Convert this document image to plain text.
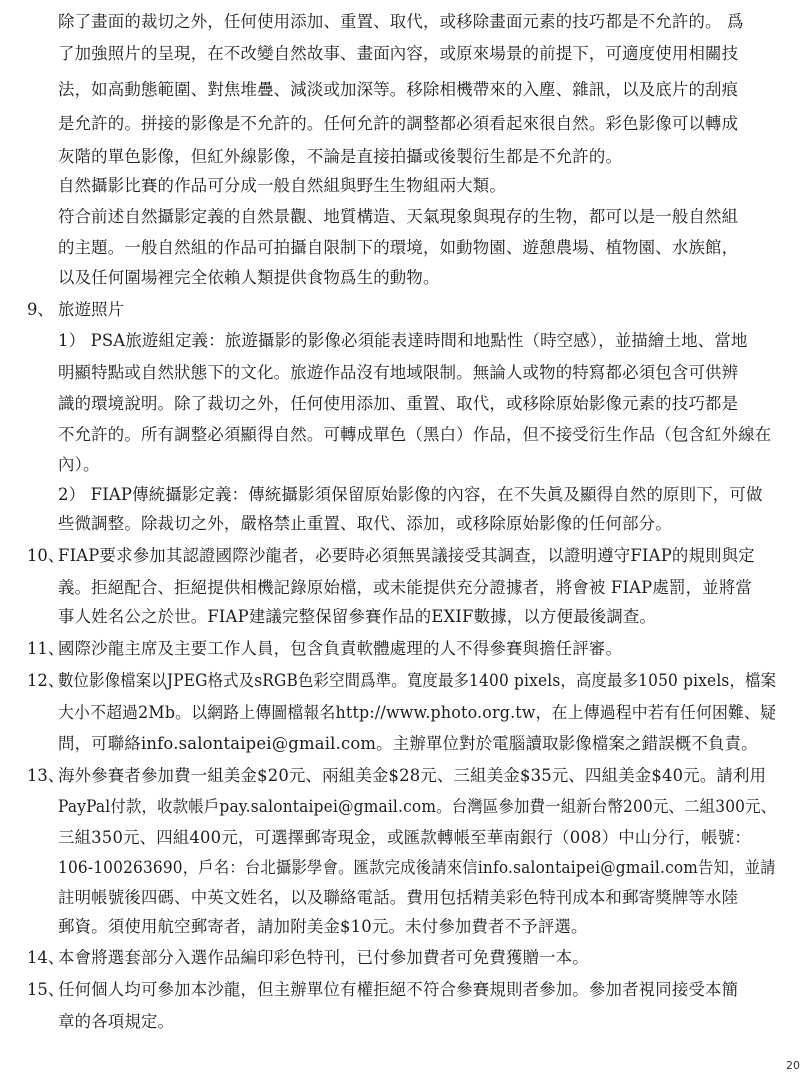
除了畫面的裁切之外，任何使用添加、重置、取代，或移除畫面元素的技巧都是不允許的。 爲
了加強照片的呈現，在不改變自然故事、畫面內容，或原來場景的前提下，可適度使用相關技
法，如高動態範圍、對焦堆疊、減淡或加深等。移除相機帶來的入塵、雜訊，以及底片的刮痕
是允許的。拼接的影像是不允許的。任何允許的調整都必須看起來很自然。彩色影像可以轉成
灰階的單色影像，但紅外線影像，不論是直接拍攝或後製衍生都是不允許的。
自然攝影比賽的作品可分成一般自然組與野生生物組兩大類。
符合前述自然攝影定義的自然景觀、地質構造、天氣現象與現存的生物，都可以是一般自然組
的主題。一般自然組的作品可拍攝自限制下的環境，如動物園、遊憩農場、植物園、水族館，
以及任何圍場裡完全依賴人類提供食物爲生的動物。
9、 旅遊照片
1） PSA旅遊組定義：旅遊攝影的影像必須能表達時間和地點性（時空感），並描繪土地、當地
明顯特點或自然狀態下的文化。旅遊作品沒有地域限制。無論人或物的特寫都必須包含可供辨
識的環境說明。除了裁切之外，任何使用添加、重置、取代，或移除原始影像元素的技巧都是
不允許的。所有調整必須顯得自然。可轉成單色（黑白）作品，但不接受衍生作品（包含紅外線在
內）。
2） FIAP傳統攝影定義：傳統攝影須保留原始影像的內容，在不失眞及顯得自然的原則下，可做
些微調整。除裁切之外，嚴格禁止重置、取代、添加，或移除原始影像的任何部分。
10、
FIAP要求參加其認證國際沙龍者，必要時必須無異議接受其調查，以證明遵守FIAP的規則與定
義。拒絕配合、拒絕提供相機記錄原始檔，或未能提供充分證據者，將會被 FIAP處罰，並將當
事人姓名公之於世。FIAP建議完整保留參賽作品的EXIF數據，以方便最後調查。
11、
國際沙龍主席及主要工作人員，包含負責軟體處理的人不得參賽與擔任評審。
12、
數位影像檔案以JPEG格式及sRGB色彩空間爲準。寬度最多1400 pixels，高度最多1050 pixels，檔案
大小不超過2Mb。以網路上傳圖檔報名http://www.photo.org.tw，在上傳過程中若有任何困難、疑
問，可聯絡info.salontaipei@gmail.com。主辦單位對於電腦讀取影像檔案之錯誤概不負責。
13、
海外參賽者參加費一組美金$20元、兩組美金$28元、三組美金$35元、四組美金$40元。請利用
PayPal付款，收款帳戶pay.salontaipei@gmail.com。台灣區參加費一組新台幣200元、二組300元、
三組350元、四組400元，可選擇郵寄現金，或匯款轉帳至華南銀行（008）中山分行，帳號：
106-100263690，戶名：台北攝影學會。匯款完成後請來信info.salontaipei@gmail.com告知，並請
註明帳號後四碼、中英文姓名，以及聯絡電話。費用包括精美彩色特刊成本和郵寄獎牌等水陸
郵資。須使用航空郵寄者，請加附美金$10元。未付參加費者不予評選。
14、
本會將選套部分入選作品編印彩色特刊，已付參加費者可免費獲贈一本。
15、
任何個人均可參加本沙龍，但主辦單位有權拒絕不符合參賽規則者參加。參加者視同接受本簡
章的各項規定。
20
